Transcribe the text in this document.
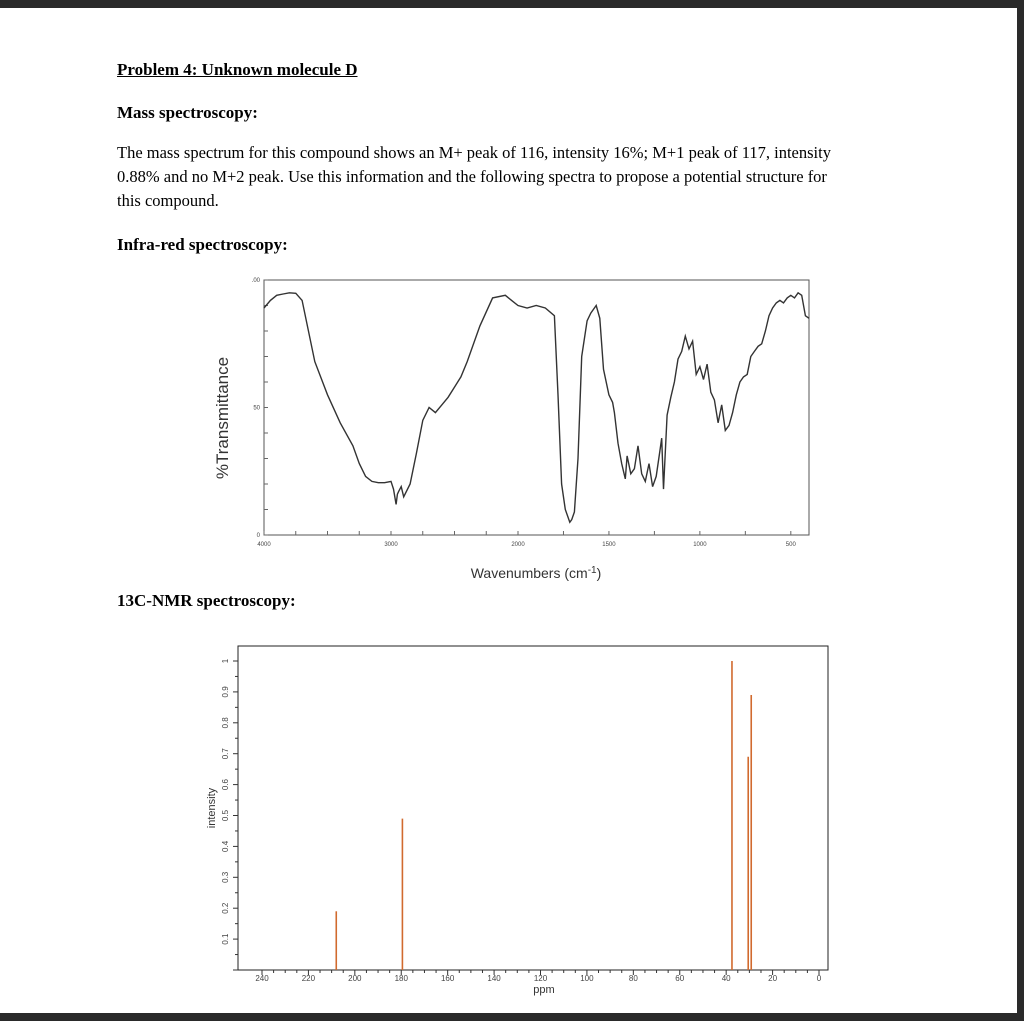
Problem 4: Unknown molecule D
Mass spectroscopy:
The mass spectrum for this compound shows an M+ peak of 116, intensity 16%; M+1 peak of 117, intensity
0.88% and no M+2 peak. Use this information and the following spectra to propose a potential structure for
this compound.
Infra-red spectroscopy:
13C-NMR spectroscopy:
4000	3000	2000	1500	1000	500
0
50
.00
%Transmittance
Wavenumbers $(cm^{-1})$
240	220	200	180	160	140	120	100	80	60	40	20	0
0.1
0.2
0.3
0.4
0.5
0.6
0.7
0.8
0.9
1
intensity
ppm
